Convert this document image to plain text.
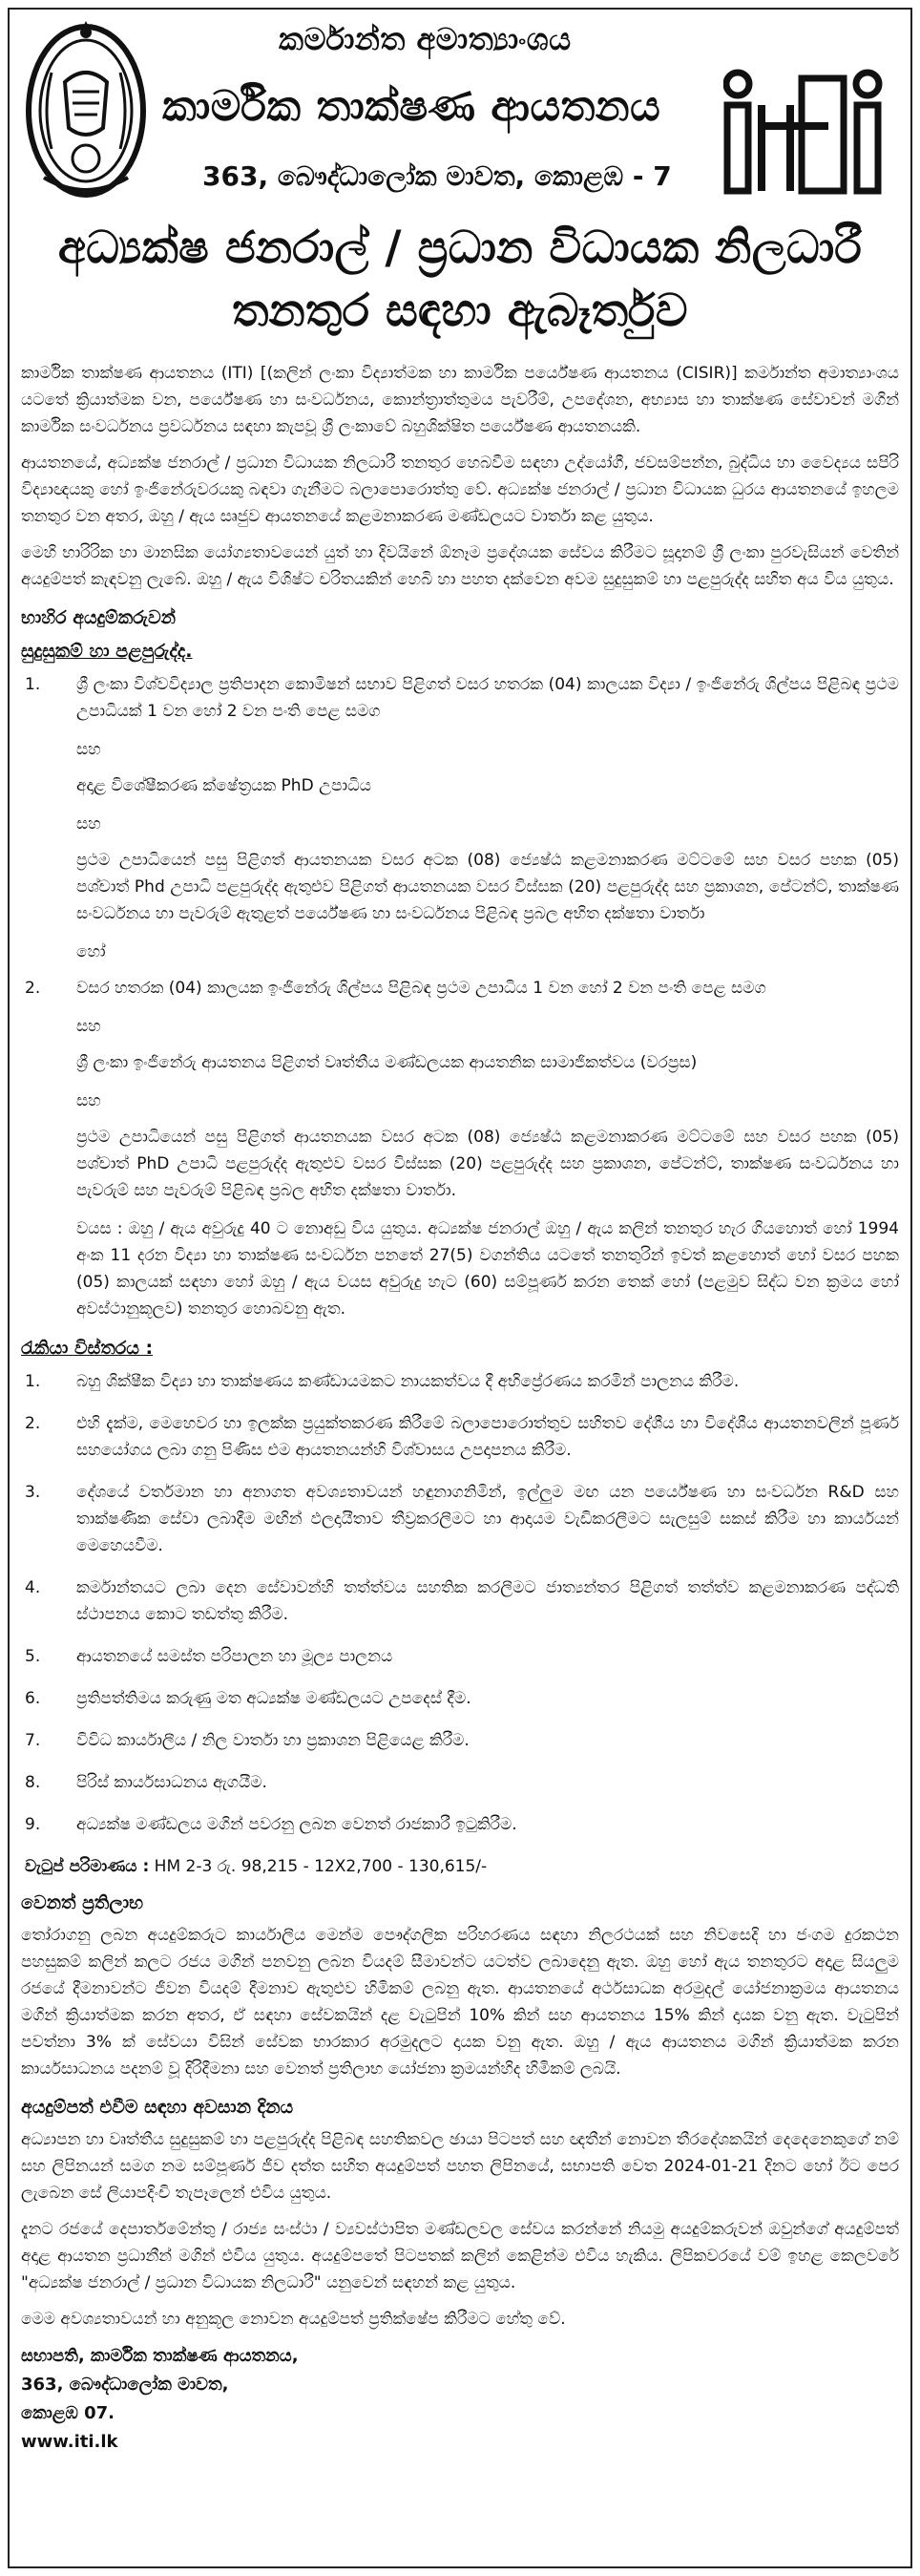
කර්මාන්ත අමාත්‍යාංශය
කාර්මික තාක්ෂණ ආයතනය
363, බෞද්ධාලෝක මාවත, කොළඹ - 7
අධ්‍යක්ෂ ජනරාල් / ප්‍රධාන විධායක නිලධාරී
තනතුර සඳහා ඇබෑර්තුව

කාර්මික තාක්ෂණ ආයතනය (ITI) [(කලින් ලංකා විද්‍යාත්මක හා කාර්මික පර්යේෂණ ආයතනය (CISIR)] කර්මාන්ත අමාත්‍යාංශය යටතේ ක්‍රියාත්මක වන, පර්යේෂණ හා සංවර්ධනය, කොන්ත්‍රාත්තුමය පැවරීම්, උපදේශන, අභ්‍යාස හා තාක්ෂණ සේවාවන් මගින් කාර්මික සංවර්ධනය ප්‍රවර්ධනය සඳහා කැපවූ ශ්‍රී ලංකාවේ බහුශික්ෂිත පර්යේෂණ ආයතනයකි.

ආයතනයේ, අධ්‍යක්ෂ ජනරාල් / ප්‍රධාන විධායක නිලධාරී තනතුර හෙබවීම සඳහා උද්යෝගී, ජවසම්පන්න, බුද්ධිය හා වෛද්‍යය සපිරි විද්‍යාඥයකු හෝ ඉංජිනේරුවරයකු බඳවා ගැනීමට බලාපොරොත්තු වේ. අධ්‍යක්ෂ ජනරාල් / ප්‍රධාන විධායක ධුරය ආයතනයේ ඉහලම තනතුර වන අතර, ඔහු / ඇය සෘජුව ආයතනයේ කළමනාකරණ මණ්ඩලයට වාර්තා කළ යුතුය.

මෙහි භාරිරික හා මානසික යෝග්‍යතාවයෙන් යුත් හා දිවයිනේ ඕනෑම ප්‍රදේශයක සේවය කිරීමට සූදානම් ශ්‍රී ලංකා පුරවැසියන් වෙතින් අයදුම්පත් කැඳවනු ලැබේ. ඔහු / ඇය විශිෂ්ට චරිතයකින් හෙබි හා පහත දක්වෙන අවම සුදුසුකම් හා පළපුරුද්ද සහිත අය විය යුතුය.

භාහිර අයදුම්කරුවන්
සුදුසුකම් හා පළපුරුද්ද.
1. ශ්‍රී ලංකා විශ්වවිද්‍යාල ප්‍රතිපාදන කොමිෂන් සභාව පිළිගත් වසර හතරක (04) කාලයක විද්‍යා / ඉංජිනේරු ශිල්පය පිළිබඳ ප්‍රථම උපාධියක් 1 වන හෝ 2 වන පංති පෙළ සමග

සහ

අදාළ විශේෂීකරණ ක්ෂේත්‍රයක PhD උපාධිය

සහ

ප්‍රථම උපාධියෙන් පසු පිළිගත් ආයතනයක වසර අටක (08) ජ්‍යෙෂ්ඨ කළමනාකරණ මට්ටමේ සහ වසර පහක (05) පශ්චාත් Phd උපාධි පළපුරුද්ද ඇතුළුව පිළිගත් ආයතනයක වසර විස්සක (20) පළපුරුද්ද සහ ප්‍රකාශන, පේටන්ට්, තාක්ෂණ සංවර්ධනය හා පැවරුම් ඇතුළත් පර්යේෂණ හා සංවර්ධනය පිළිබඳ ප්‍රබල අභිත දක්ෂතා වාර්තා

හෝ

2. වසර හතරක (04) කාලයක ඉංජිනේරු ශිල්පය පිළිබඳ ප්‍රථම උපාධිය 1 වන හෝ 2 වන පංති පෙළ සමග

සහ

ශ්‍රී ලංකා ඉංජිනේරු ආයතනය පිළිගත් වෘත්තීය මණ්ඩලයක ආයතනික සාමාජිකත්වය (වරප්‍රස)

සහ

ප්‍රථම උපාධියෙන් පසු පිළිගත් ආයතනයක වසර අටක (08) ජ්‍යෙෂ්ඨ කළමනාකරණ මට්ටමේ සහ වසර පහක (05) පශ්චාත් PhD උපාධි පළපුරුද්ද ඇතුළුව වසර විස්සක (20) පළපුරුද්ද සහ ප්‍රකාශන, පේටන්ට්, තාක්ෂණ සංවර්ධනය හා පැවරුම් සහ පැවරුම් පිළිබඳ ප්‍රබල අභිත දක්ෂතා වාර්තා.

වයස : ඔහු / ඇය අවුරුදු 40 ට නොඅඩු විය යුතුය. අධ්‍යක්ෂ ජනරාල් ඔහු / ඇය කලින් තනතුර හැර ගියහොත් හෝ 1994 අංක 11 දරන විද්‍යා හා තාක්ෂණ සංවර්ධන පනතේ 27(5) වගන්තිය යටතේ තනතුරින් ඉවත් කළහොත් හෝ වසර පහක (05) කාලයක් සඳහා හෝ ඔහු / ඇය වයස අවුරුදු හැට (60) සම්පූර්ණ කරන තෙක් හෝ (පළමුව සිද්ධ වන ක්‍රමය හෝ අවස්ථානුකූලව) තනතුර හොබවනු ඇත.

රැකියා විස්තරය :
1. බහු ශික්ෂීක විද්‍යා හා තාක්ෂණය කණ්ඩායමකට නායකත්වය දී අභිප්‍රේරණය කරමින් පාලනය කිරීම.
2. එහි දැක්ම, මෙහෙවර හා ඉලක්ක ප්‍රයුක්තකරණ කිරීමේ බලාපොරොත්තුව සහිතව දේශීය හා විදේශීය ආයතනවලින් පූර්ණ සහයෝගය ලබා ගනු පිණිස එම ආයතනයන්හි විශ්වාසය උපදාපනය කිරීම.
3. දේශයේ වර්තමාන හා අනාගත අවශ්‍යතාවයන් හඳුනාගනිමින්, ඉල්ලුම මඟ යන පර්යේෂණ හා සංවර්ධන R&D සහ තාක්ෂණික සේවා ලබාදීම මඟින් ඵලදායීතාව තීව්‍රකරලීමට හා ආදායම වැඩිකරලීමට සැලසුම් සකස් කිරීම හා කාර්යයන් මෙහෙයවීම.
4. කර්මාන්තයට ලබා දෙන සේවාවන්හි තත්ත්වය සහතික කරලීමට ජාත්‍යන්තර පිළිගත් තත්ත්ව කළමනාකරණ පද්ධති ස්ථාපනය කොට තඩත්තු කිරීම.
5. ආයතනයේ සමස්ත පරිපාලන හා මූල්‍ය පාලනය
6. ප්‍රතිපත්තිමය කරුණු මත අධ්‍යක්ෂ මණ්ඩලයට උපදෙස් දීම.
7. විවිධ කාර්යාලීය / නිල වාර්තා හා ප්‍රකාශන පිළියෙළ කිරීම.
8. පිරිස් කාර්යසාධනය ඇගයීම.
9. අධ්‍යක්ෂ මණ්ඩලය මගින් පවරනු ලබන වෙනත් රාජකාරී ඉටුකිරීම.
වැටුප් පරිමාණය : HM 2-3 රු. 98,215 - 12X2,700 - 130,615/-
වෙනත් ප්‍රතිලාභ

තෝරාගනු ලබන අයදුම්කරුට කාර්යාලීය මෙන්ම පෞද්ගලික පරිහරණය සඳහා නිලරථයක් සහ නිවසෙදි හා ජංගම දුරකථන පහසුකම් කලින් කලට රජය මගින් පනවනු ලබන වියදම් සීමාවන්ට යටත්ව ලබාදෙනු ඇත. ඔහු හෝ ඇය තනතුරට අදාළ සියලුම රජයේ දීමනාවන්ට ජීවන වියදම් දීමනාව ඇතුළුව හිමිකම් ලබනු ඇත. ආයතනයේ අර්ථසාධක අරමුදල් යෝජනාක්‍රමය ආයතනය මගින් ක්‍රියාත්මක කරන අතර, ඒ සඳහා සේවකයින් දළ වැටුපින් 10% කින් සහ ආයතනය 15% කින් දායක වනු ඇත. වැටුපින් පවත්නා 3% ක් සේවයා විසින් සේවක භාරකාර අරමුදලට දායක වනු ඇත. ඔහු / ඇය ආයතනය මගින් ක්‍රියාත්මක කරන කාර්යසාධනය පදනම් වූ දිරිදීමනා සහ වෙනත් ප්‍රතිලාභ යෝජනා ක්‍රමයන්හිද හිමිකම් ලබයි.

අයදුම්පත් එවීම සඳහා අවසාන දිනය

අධ්‍යාපන හා වෘත්තීය සුදුසුකම් හා පළපුරුද්ද පිළිබඳ සහතිකවල ඡායා පිටපත් සහ ඥතීන් නොවන තීරදේශකයින් දෙදෙනෙකුගේ නම් සහ ලිපිනයන් සමග නම සම්පූර්ණ ජීව දත්ත සහිත අයදුම්පත් පහත ලිපිනයේ, සභාපති වෙත 2024-01-21 දිනට හෝ ඊට පෙර ලැබෙන සේ ලියාපදිංචි තැපෑලෙන් එවිය යුතුය.

දැනට රජයේ දෙපාර්තමේන්තු / රාජ්‍ය සංස්ථා / ව්‍යවස්ථාපිත මණ්ඩලවල සේවය කරන්නේ නියමු අයදුම්කරුවන් ඔවුන්ගේ අයදුම්පත් අදාළ ආයතන ප්‍රධානීන් මගින් එවිය යුතුය. අයදුම්පතේ පිටපතක් කලින් කෙළින්ම එවිය හැකිය. ලිපිකවරයේ වම් ඉහළ කෙලවරේ "අධ්‍යක්ෂ ජනරාල් / ප්‍රධාන විධායක නිලධාරී" යනුවෙන් සඳහන් කළ යුතුය.

මෙම අවශ්‍යතාවයන් හා අනුකූල නොවන අයදුම්පත් ප්‍රතික්ෂේප කිරීමට හේතු වේ.

සභාපති, කාර්මික තාක්ෂණ ආයතනය,
363, බෞද්ධාලෝක මාවත,
කොළඹ 07.
www.iti.lk
